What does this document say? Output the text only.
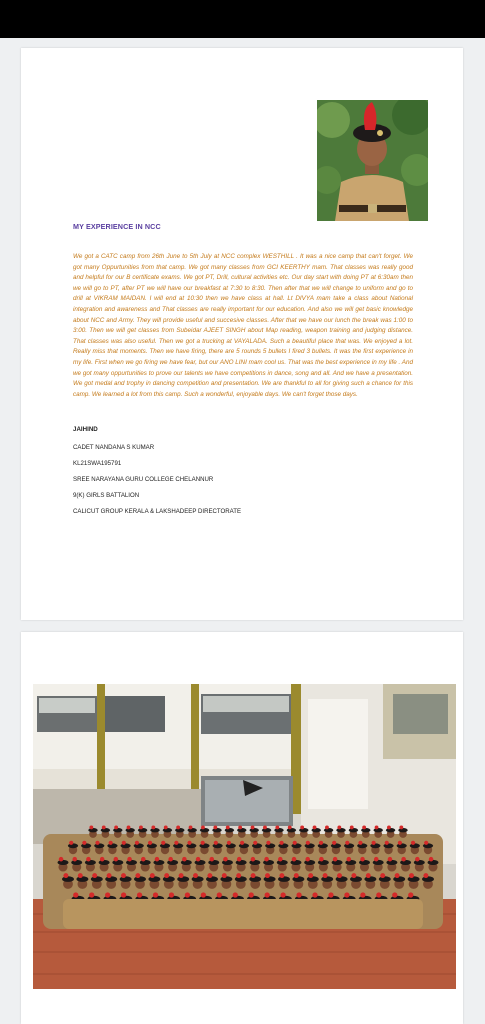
MY EXPERIENCE IN NCC
We got a CATC camp from 26th June to 5th July at NCC complex WESTHILL . It was a nice camp that can't forget. We got many Oppurtunities from that camp. We got many classes from GCI KEERTHY mam. That classes was really good and helpful for our B certificate exams. We got PT, Drill, cultural activities etc. Our day start with doing PT at 6:30am then we will go to PT, after PT we will have our breakfast at 7:30 to 8:30. Then after that we will change to uniform and go to drill at VIKRAM MAIDAN. I will end at 10:30 then we have class at hall. Lt DIVYA mam take a class about National integration and awareness and That classes are really important for our education. And also we will get basic knowledge about NCC and Army. They will provide useful and succesive classes. After that we have our lunch the break was 1:00 to 3:00. Then we will get classes from Subeidar AJEET SINGH about Map reading, weapon training and judging distance. That classes was also useful. Then we got a trucking at VAYALADA. Such a beautiful place that was. We enjoyed a lot. Really miss that moments. Then we have firing, there are 5 rounds 5 bullets I fired 3 bullets. It was the first experience in my life. First when we go firing we have fear, but our ANO LINI mam cool us. That was the best experience in my life . And we got many oppurtunities to prove our talents we have competitions in dance, song and all. And we have a presentation. We got medal and trophy in dancing competition and presentation. We are thankful to all for giving such a chance for this camp. We learned a lot from this camp. Such a wonderful, enjoyable days. We can't forget those days.
JAIHIND
CADET NANDANA S KUMAR
KL21SWA195791
SREE NARAYANA GURU COLLEGE CHELANNUR
9(K) GIRLS BATTALION
CALICUT GROUP KERALA & LAKSHADEEP DIRECTORATE
